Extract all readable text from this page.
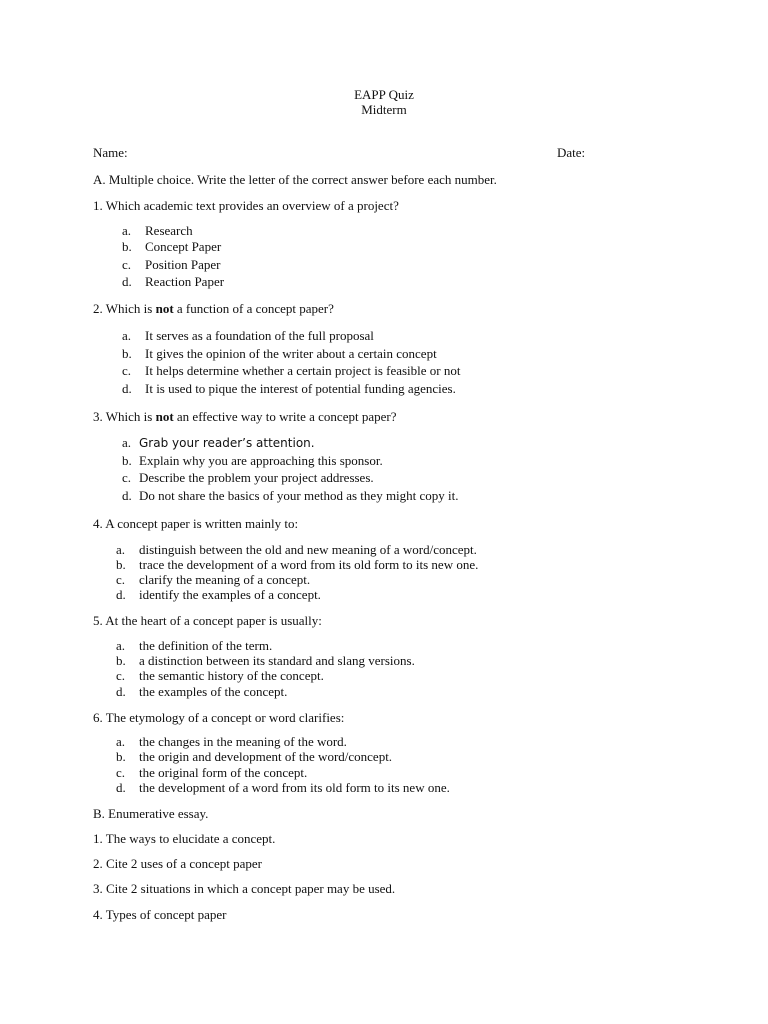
EAPP Quiz
Midterm
Name:	Date:
A. Multiple choice. Write the letter of the correct answer before each number.
1. Which academic text provides an overview of a project?
a. Research
b. Concept Paper
c. Position Paper
d. Reaction Paper
2. Which is not a function of a concept paper?
a. It serves as a foundation of the full proposal
b. It gives the opinion of the writer about a certain concept
c. It helps determine whether a certain project is feasible or not
d. It is used to pique the interest of potential funding agencies.
3. Which is not an effective way to write a concept paper?
a. Grab your reader’s attention.
b. Explain why you are approaching this sponsor.
c. Describe the problem your project addresses.
d. Do not share the basics of your method as they might copy it.
4. A concept paper is written mainly to:
a. distinguish between the old and new meaning of a word/concept.
b. trace the development of a word from its old form to its new one.
c. clarify the meaning of a concept.
d. identify the examples of a concept.
5. At the heart of a concept paper is usually:
a. the definition of the term.
b. a distinction between its standard and slang versions.
c. the semantic history of the concept.
d. the examples of the concept.
6. The etymology of a concept or word clarifies:
a. the changes in the meaning of the word.
b. the origin and development of the word/concept.
c. the original form of the concept.
d. the development of a word from its old form to its new one.
B. Enumerative essay.
1. The ways to elucidate a concept.
2. Cite 2 uses of a concept paper
3. Cite 2 situations in which a concept paper may be used.
4. Types of concept paper
